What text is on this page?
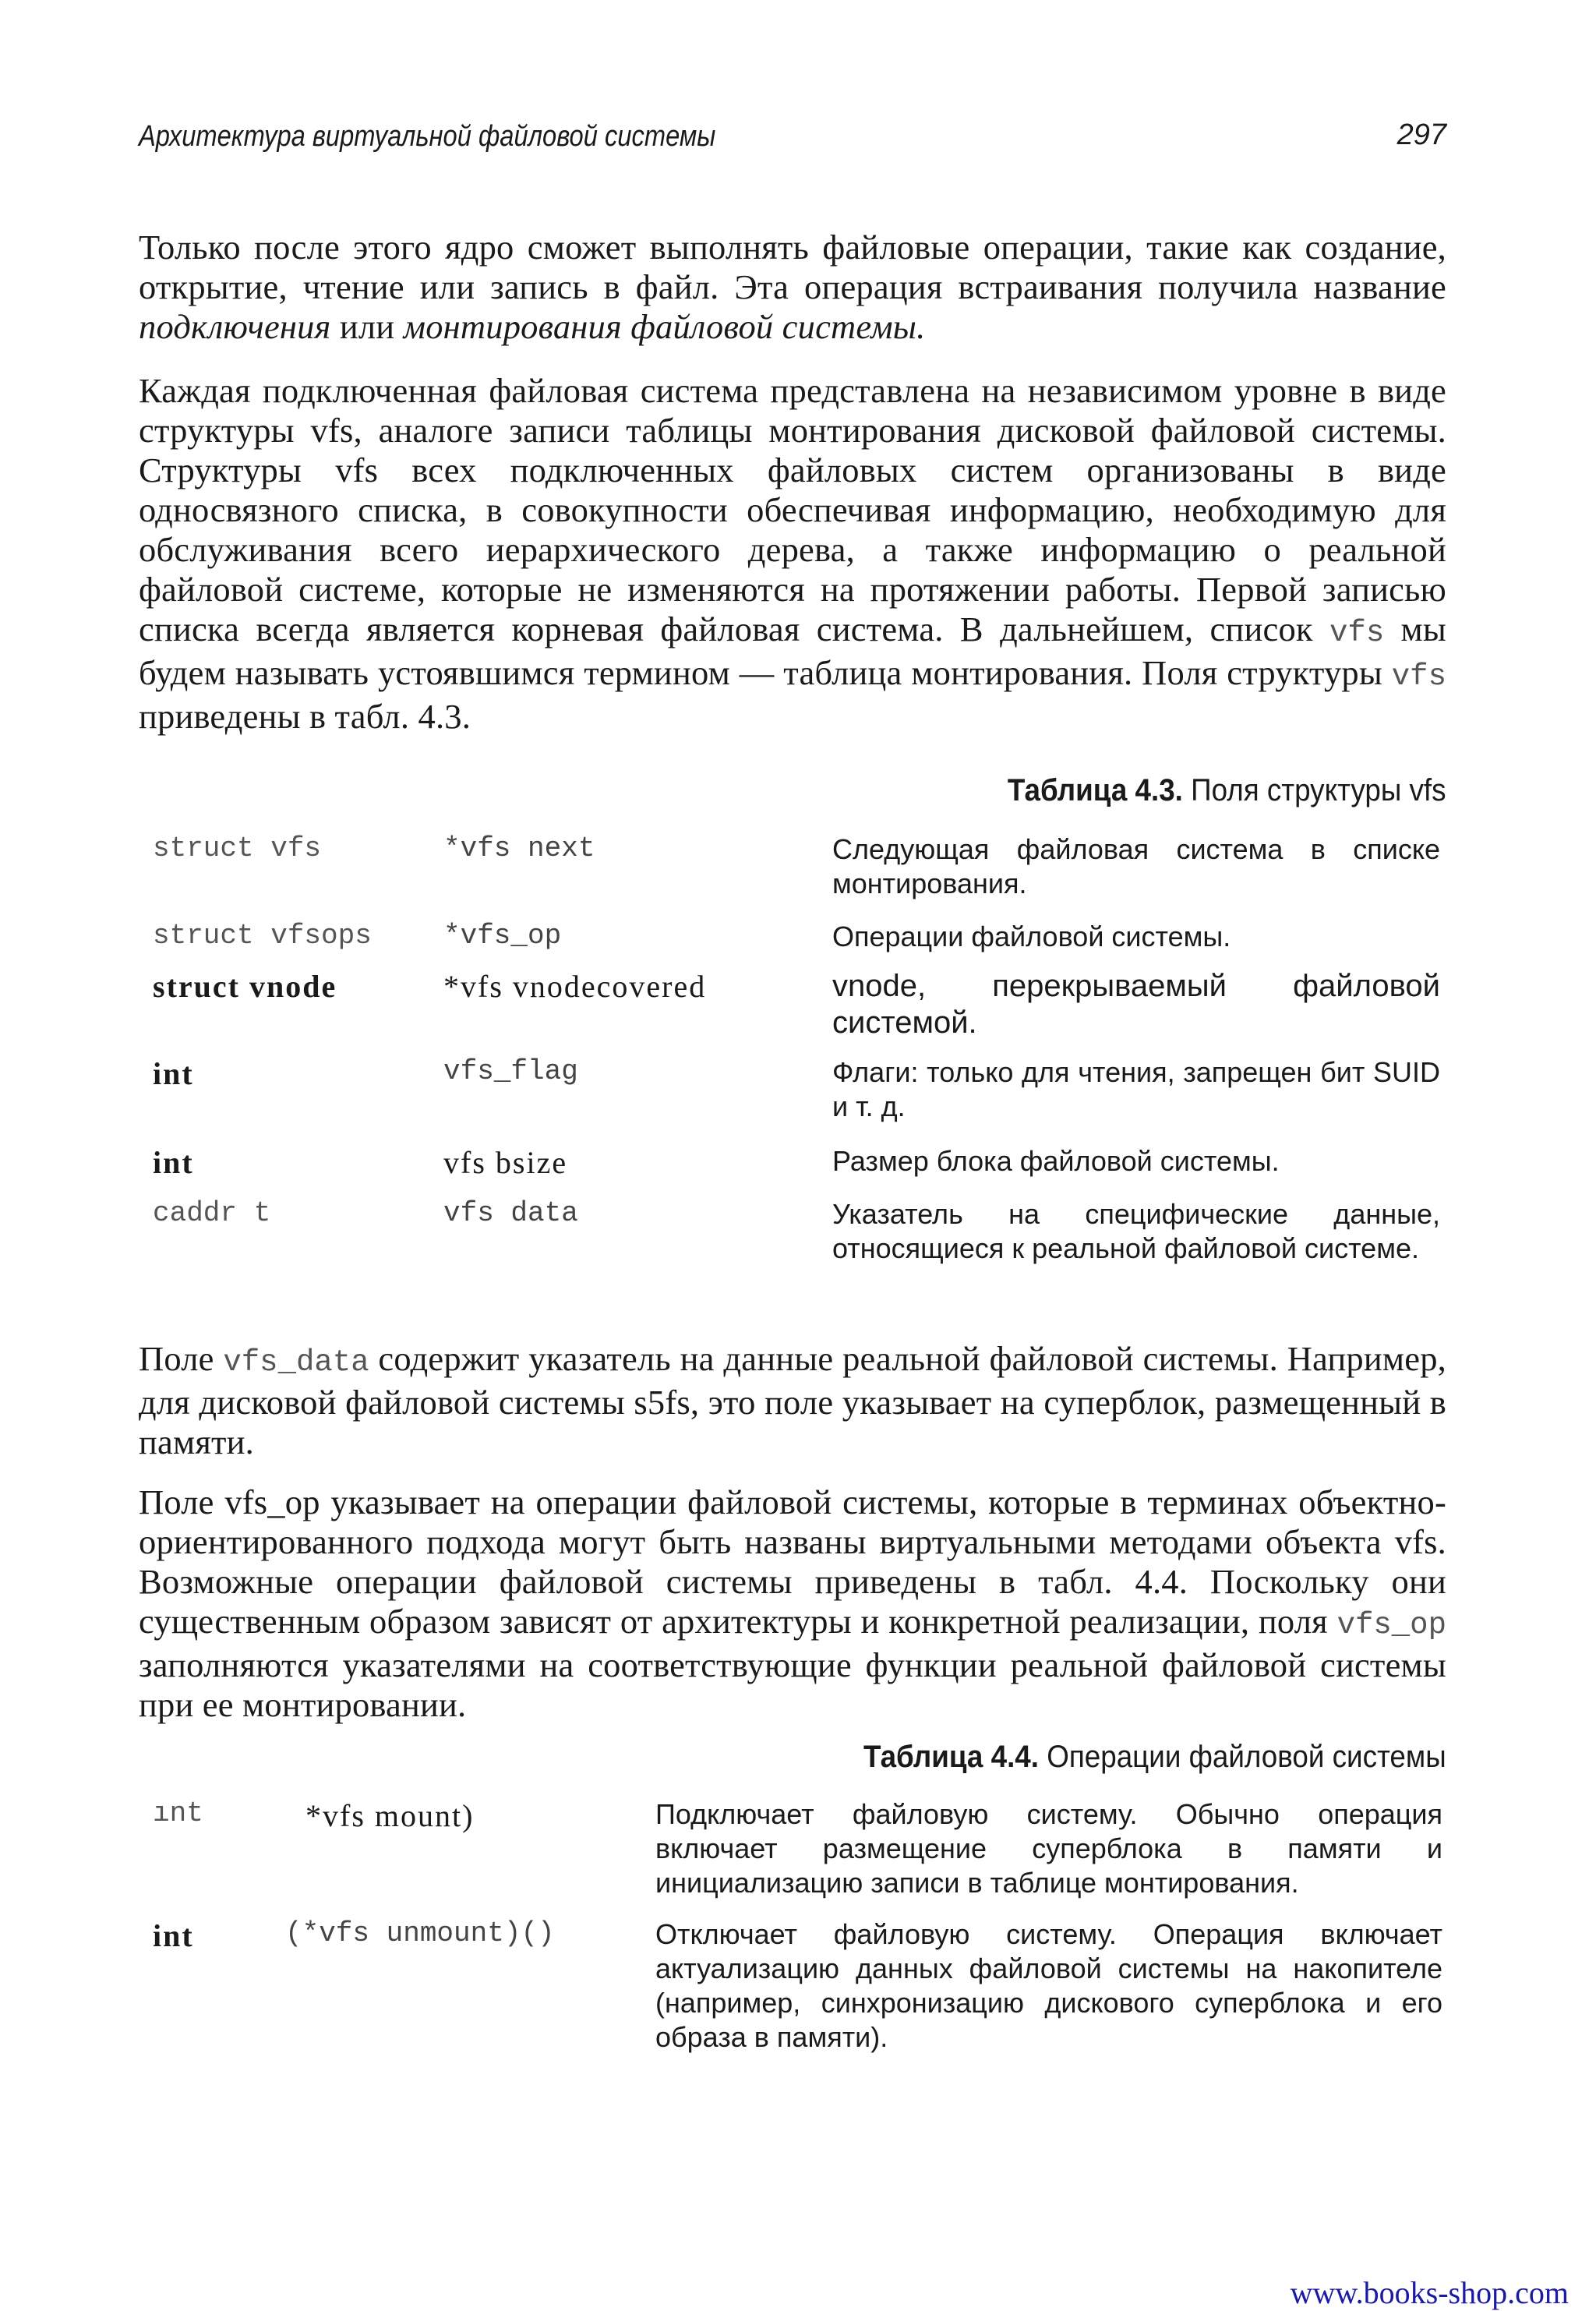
Архитектура виртуальной файловой системы	297

Только после этого ядро сможет выполнять файловые операции, такие как создание, открытие, чтение или запись в файл. Эта операция встраивания получила название подключения или монтирования файловой системы.

Каждая подключенная файловая система представлена на независимом уровне в виде структуры vfs, аналоге записи таблицы монтирования дисковой файловой системы. Структуры vfs всех подключенных файловых систем организованы в виде односвязного списка, в совокупности обеспечивая информацию, необходимую для обслуживания всего иерархического дерева, а также информацию о реальной файловой системе, которые не изменяются на протяжении работы. Первой записью списка всегда является корневая файловая система. В дальнейшем, список vfs мы будем называть устоявшимся термином — таблица монтирования. Поля структуры vfs приведены в табл. 4.3.

Таблица 4.3. Поля структуры vfs
struct vfs	*vfs next	Следующая файловая система в списке монтирования.
struct vfsops	*vfs_op	Операции файловой системы.
struct vnode	*vfs vnodecovered	vnode, перекрываемый файловой системой.
int	vfs_flag	Флаги: только для чтения, запрещен бит SUID и т. д.
int	vfs bsize	Размер блока файловой системы.
caddr t	vfs data	Указатель на специфические данные, относящиеся к реальной файловой системе.

Поле vfs_data содержит указатель на данные реальной файловой системы. Например, для дисковой файловой системы s5fs, это поле указывает на суперблок, размещенный в памяти.

Поле vfs_op указывает на операции файловой системы, которые в терминах объектно-ориентированного подхода могут быть названы виртуальными методами объекта vfs. Возможные операции файловой системы приведены в табл. 4.4. Поскольку они существенным образом зависят от архитектуры и конкретной реализации, поля vfs_op заполняются указателями на соответствующие функции реальной файловой системы при ее монтировании.

Таблица 4.4. Операции файловой системы
ınt	*vfs mount)	Подключает файловую систему. Обычно операция включает размещение суперблока в памяти и инициализацию записи в таблице монтирования.
int	(*vfs unmount)()	Отключает файловую систему. Операция включает актуализацию данных файловой системы на накопителе (например, синхронизацию дискового суперблока и его образа в памяти).
www.books-shop.com
